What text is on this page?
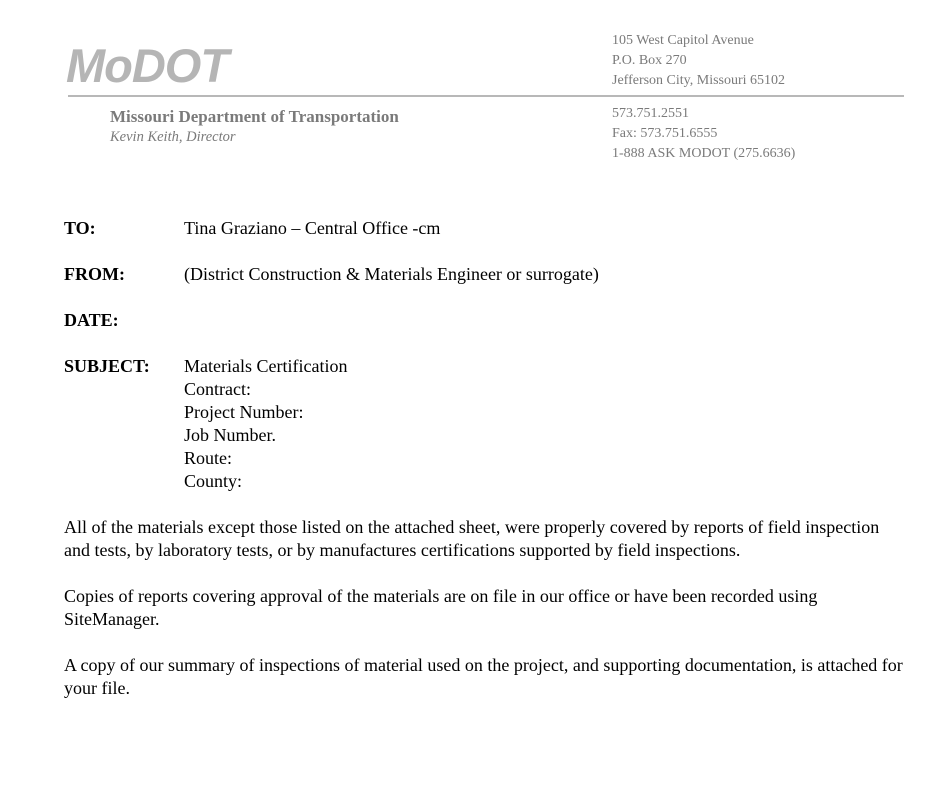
MoDOT
Missouri Department of Transportation
Kevin Keith, Director
105 West Capitol Avenue
P.O. Box 270
Jefferson City, Missouri 65102
573.751.2551
Fax: 573.751.6555
1-888 ASK MODOT (275.6636)
TO:	Tina Graziano – Central Office -cm
FROM:	(District Construction & Materials Engineer or surrogate)
DATE:
SUBJECT: Materials Certification
Contract:
Project Number:
Job Number.
Route:
County:

All of the materials except those listed on the attached sheet, were properly covered by reports of field inspection and tests, by laboratory tests, or by manufactures certifications supported by field inspections.

Copies of reports covering approval of the materials are on file in our office or have been recorded using SiteManager.

A copy of our summary of inspections of material used on the project, and supporting documentation, is attached for your file.
